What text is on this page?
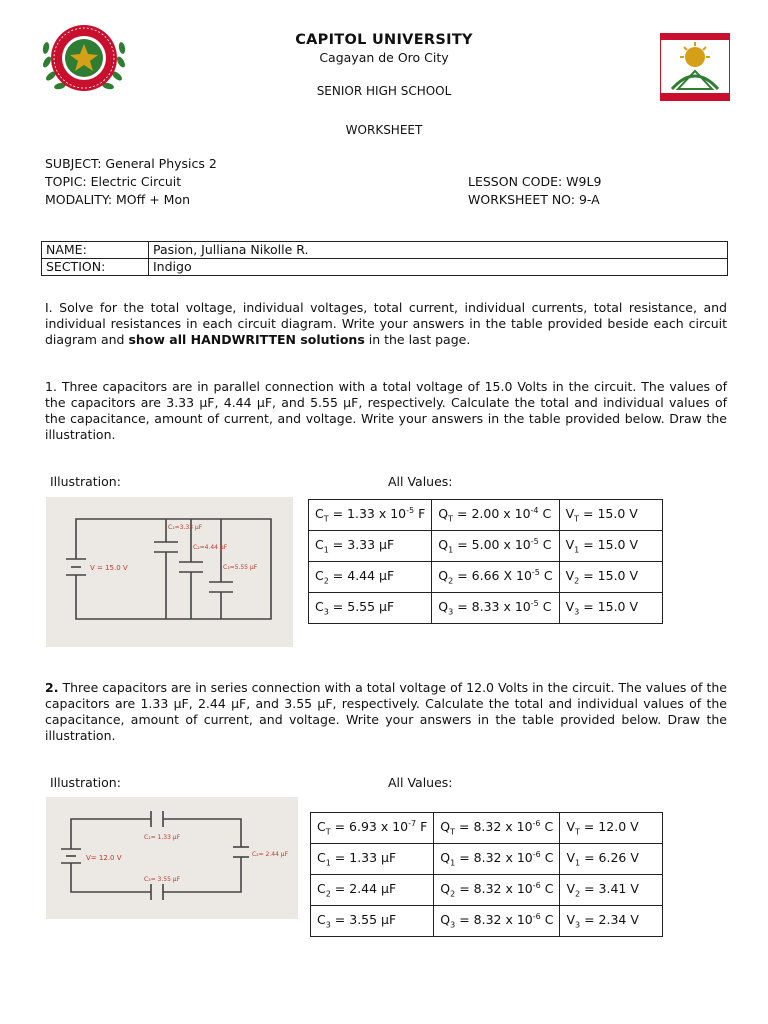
CAPITOL UNIVERSITY
Cagayan de Oro City
SENIOR HIGH SCHOOL
WORKSHEET
SUBJECT: General Physics 2
TOPIC: Electric Circuit
MODALITY: MOff + Mon
LESSON CODE: W9L9
WORKSHEET NO: 9-A
NAME:	Pasion, Julliana Nikolle R.
SECTION:	Indigo
I. Solve for the total voltage, individual voltages, total current, individual currents, total resistance, and individual resistances in each circuit diagram. Write your answers in the table provided beside each circuit diagram and show all HANDWRITTEN solutions in the last page.
1. Three capacitors are in parallel connection with a total voltage of 15.0 Volts in the circuit. The values of the capacitors are 3.33 µF, 4.44 µF, and 5.55 µF, respectively. Calculate the total and individual values of the capacitance, amount of current, and voltage. Write your answers in the table provided below. Draw the illustration.
Illustration:	All Values:
V = 15.0 V
C₁=3.33 µF
C₂=4.44 µF
C₃=5.55 µF
$C_T = 1.33$ x $10^{-5}$ F	$Q_T = 2.00$ x $10^{-4}$ C	$V_T = 15.0$ V
$C_1 = 3.33$ µF	$Q_1 = 5.00$ x $10^{-5}$ C	$V_1 = 15.0$ V
$C_2 = 4.44$ µF	$Q_2 = 6.66$ X $10^{-5}$ C	$V_2 = 15.0$ V
$C_3 = 5.55$ µF	$Q_3 = 8.33$ x $10^{-5}$ C	$V_3 = 15.0$ V
2. Three capacitors are in series connection with a total voltage of 12.0 Volts in the circuit. The values of the capacitors are 1.33 µF, 2.44 µF, and 3.55 µF, respectively. Calculate the total and individual values of the capacitance, amount of current, and voltage. Write your answers in the table provided below. Draw the illustration.
Illustration:	All Values:
V= 12.0 V
C₁= 1.33 µF
C₂= 2.44 µF
C₃= 3.55 µF
$C_T = 6.93$ x $10^{-7}$ F	$Q_T = 8.32$ x $10^{-6}$ C	$V_T = 12.0$ V
$C_1 = 1.33$ µF	$Q_1 = 8.32$ x $10^{-6}$ C	$V_1 = 6.26$ V
$C_2 = 2.44$ µF	$Q_2 = 8.32$ x $10^{-6}$ C	$V_2 = 3.41$ V
$C_3 = 3.55$ µF	$Q_3 = 8.32$ x $10^{-6}$ C	$V_3 = 2.34$ V
